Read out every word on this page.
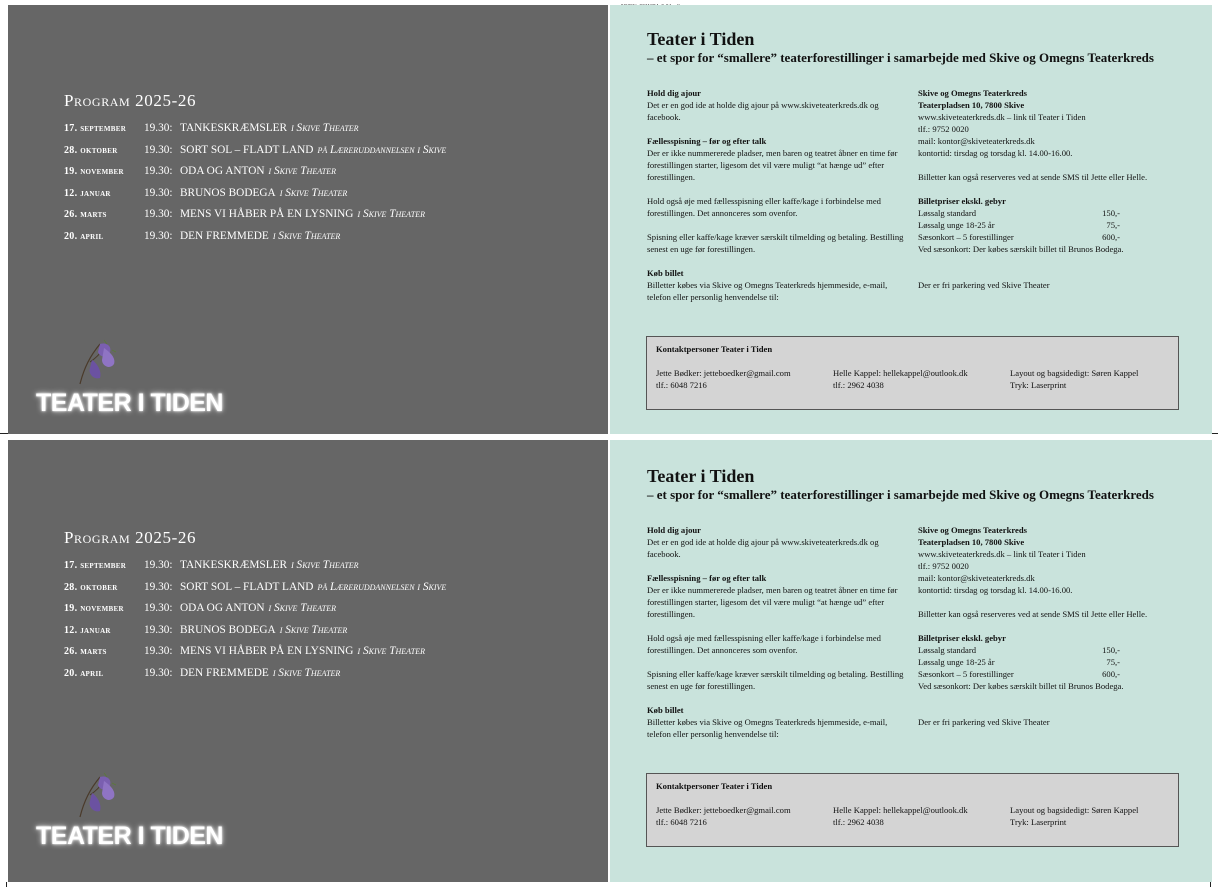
Program 2025-26
17. september	19.30: TANKESKRÆMSLER i Skive Theater
28. oktober	19.30: SORT SOL – FLADT LAND på Læreruddannelsen i Skive
19. november	19.30: ODA OG ANTON i Skive Theater
12. januar	19.30: BRUNOS BODEGA i Skive Theater
26. marts	19.30: MENS VI HÅBER PÅ EN LYSNING i Skive Theater
20. april	19.30: DEN FREMMEDE i Skive Theater
TEATER I TIDEN
Teater i Tiden
– et spor for “smallere” teaterforestillinger i samarbejde med Skive og Omegns Teaterkreds

Hold dig ajour
Det er en god ide at holde dig ajour på www.skiveteaterkreds.dk og facebook.

Fællesspisning – før og efter talk
Der er ikke nummererede pladser, men baren og teatret åbner en time før forestillingen starter, ligesom det vil være muligt “at hænge ud” efter forestillingen.

Hold også øje med fællesspisning eller kaffe/kage i forbindelse med forestillingen. Det annonceres som ovenfor.

Spisning eller kaffe/kage kræver særskilt tilmelding og betaling. Bestilling senest en uge før forestillingen.

Køb billet
Billetter købes via Skive og Omegns Teaterkreds hjemmeside, e-mail, telefon eller personlig henvendelse til:

Skive og Omegns Teaterkreds
Teaterpladsen 10, 7800 Skive
www.skiveteaterkreds.dk – link til Teater i Tiden
tlf.: 9752 0020
mail: kontor@skiveteaterkreds.dk
kontortid: tirsdag og torsdag kl. 14.00-16.00.

Billetter kan også reserveres ved at sende SMS til Jette eller Helle.

Billetpriser ekskl. gebyr

Løssalg standard	150,-
Løssalg unge 18-25 år	75,-
Sæsonkort – 5 forestillinger	600,-
Ved sæsonkort: Der købes særskilt billet til Brunos Bodega.

Der er fri parkering ved Skive Theater

Kontaktpersoner Teater i Tiden
Jette Bødker: jetteboedker@gmail.com
tlf.: 6048 7216
Helle Kappel: hellekappel@outlook.dk
tlf.: 2962 4038
Layout og bagsidedigt: Søren Kappel
Tryk: Laserprint
Program 2025-26
17. september	19.30: TANKESKRÆMSLER i Skive Theater
28. oktober	19.30: SORT SOL – FLADT LAND på Læreruddannelsen i Skive
19. november	19.30: ODA OG ANTON i Skive Theater
12. januar	19.30: BRUNOS BODEGA i Skive Theater
26. marts	19.30: MENS VI HÅBER PÅ EN LYSNING i Skive Theater
20. april	19.30: DEN FREMMEDE i Skive Theater
TEATER I TIDEN
Teater i Tiden
– et spor for “smallere” teaterforestillinger i samarbejde med Skive og Omegns Teaterkreds

Hold dig ajour
Det er en god ide at holde dig ajour på www.skiveteaterkreds.dk og facebook.

Fællesspisning – før og efter talk
Der er ikke nummererede pladser, men baren og teatret åbner en time før forestillingen starter, ligesom det vil være muligt “at hænge ud” efter forestillingen.

Hold også øje med fællesspisning eller kaffe/kage i forbindelse med forestillingen. Det annonceres som ovenfor.

Spisning eller kaffe/kage kræver særskilt tilmelding og betaling. Bestilling senest en uge før forestillingen.

Køb billet
Billetter købes via Skive og Omegns Teaterkreds hjemmeside, e-mail, telefon eller personlig henvendelse til:

Skive og Omegns Teaterkreds
Teaterpladsen 10, 7800 Skive
www.skiveteaterkreds.dk – link til Teater i Tiden
tlf.: 9752 0020
mail: kontor@skiveteaterkreds.dk
kontortid: tirsdag og torsdag kl. 14.00-16.00.

Billetter kan også reserveres ved at sende SMS til Jette eller Helle.

Billetpriser ekskl. gebyr

Løssalg standard	150,-
Løssalg unge 18-25 år	75,-
Sæsonkort – 5 forestillinger	600,-
Ved sæsonkort: Der købes særskilt billet til Brunos Bodega.

Der er fri parkering ved Skive Theater

Kontaktpersoner Teater i Tiden
Jette Bødker: jetteboedker@gmail.com
tlf.: 6048 7216
Helle Kappel: hellekappel@outlook.dk
tlf.: 2962 4038
Layout og bagsidedigt: Søren Kappel
Tryk: Laserprint
